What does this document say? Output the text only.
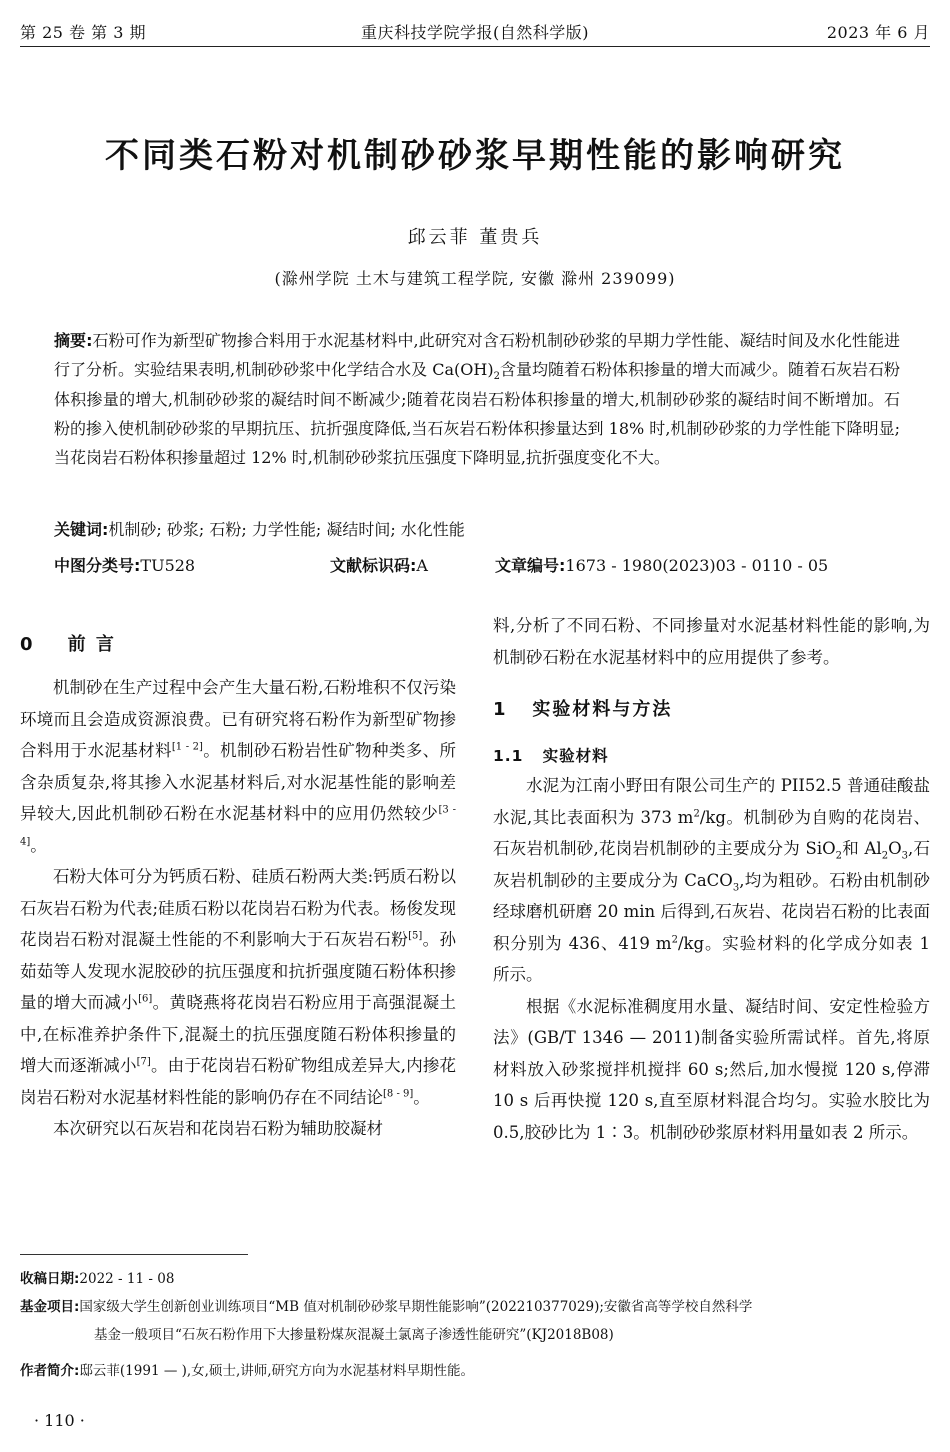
第 25 卷 第 3 期	重庆科技学院学报(自然科学版)	2023 年 6 月
不同类石粉对机制砂砂浆早期性能的影响研究
邱云菲 董贵兵
(滁州学院 土木与建筑工程学院, 安徽 滁州 239099)
摘要:石粉可作为新型矿物掺合料用于水泥基材料中,此研究对含石粉机制砂砂浆的早期力学性能、凝结时间及水化性能进行了分析。实验结果表明,机制砂砂浆中化学结合水及 $Ca(OH)_2$含量均随着石粉体积掺量的增大而减少。随着石灰岩石粉体积掺量的增大,机制砂砂浆的凝结时间不断减少;随着花岗岩石粉体积掺量的增大,机制砂砂浆的凝结时间不断增加。石粉的掺入使机制砂砂浆的早期抗压、抗折强度降低,当石灰岩石粉体积掺量达到 18% 时,机制砂砂浆的力学性能下降明显;当花岗岩石粉体积掺量超过 12% 时,机制砂砂浆抗压强度下降明显,抗折强度变化不大。
关键词:机制砂; 砂浆; 石粉; 力学性能; 凝结时间; 水化性能
中图分类号:TU528	文献标识码:A	文章编号:1673 - 1980(2023)03 - 0110 - 05
0 前 言

机制砂在生产过程中会产生大量石粉,石粉堆积不仅污染环境而且会造成资源浪费。已有研究将石粉作为新型矿物掺合料用于水泥基材料[1 - 2]。机制砂石粉岩性矿物种类多、所含杂质复杂,将其掺入水泥基材料后,对水泥基性能的影响差异较大,因此机制砂石粉在水泥基材料中的应用仍然较少[3 - 4]。

石粉大体可分为钙质石粉、硅质石粉两大类:钙质石粉以石灰岩石粉为代表;硅质石粉以花岗岩石粉为代表。杨俊发现花岗岩石粉对混凝土性能的不利影响大于石灰岩石粉[5]。孙茹茹等人发现水泥胶砂的抗压强度和抗折强度随石粉体积掺量的增大而减小[6]。黄晓燕将花岗岩石粉应用于高强混凝土中,在标准养护条件下,混凝土的抗压强度随石粉体积掺量的增大而逐渐减小[7]。由于花岗岩石粉矿物组成差异大,内掺花岗岩石粉对水泥基材料性能的影响仍存在不同结论[8 - 9]。

本次研究以石灰岩和花岗岩石粉为辅助胶凝材

料,分析了不同石粉、不同掺量对水泥基材料性能的影响,为机制砂石粉在水泥基材料中的应用提供了参考。

1 实验材料与方法
1.1 实验材料

水泥为江南小野田有限公司生产的 PII52.5 普通硅酸盐水泥,其比表面积为 373 $m^2/kg$。机制砂为自购的花岗岩、石灰岩机制砂,花岗岩机制砂的主要成分为 SiO$_2$和 $Al_2O_3$,石灰岩机制砂的主要成分为 CaCO$_3$,均为粗砂。石粉由机制砂经球磨机研磨 20 min 后得到,石灰岩、花岗岩石粉的比表面积分别为 436、419 $m^2/kg$。实验材料的化学成分如表 1 所示。

根据《水泥标准稠度用水量、凝结时间、安定性检验方法》(GB/T 1346 — 2011)制备实验所需试样。首先,将原材料放入砂浆搅拌机搅拌 60 s;然后,加水慢搅 120 s,停滞 10 s 后再快搅 120 s,直至原材料混合均匀。实验水胶比为 0.5,胶砂比为 1∶3。机制砂砂浆原材料用量如表 2 所示。

收稿日期:2022 - 11 - 08
基金项目:国家级大学生创新创业训练项目“MB 值对机制砂砂浆早期性能影响”(202210377029);安徽省高等学校自然科学
基金一般项目“石灰石粉作用下大掺量粉煤灰混凝土氯离子渗透性能研究”(KJ2018B08)
作者简介:邸云菲(1991 — ),女,硕士,讲师,研究方向为水泥基材料早期性能。
· 110 ·
